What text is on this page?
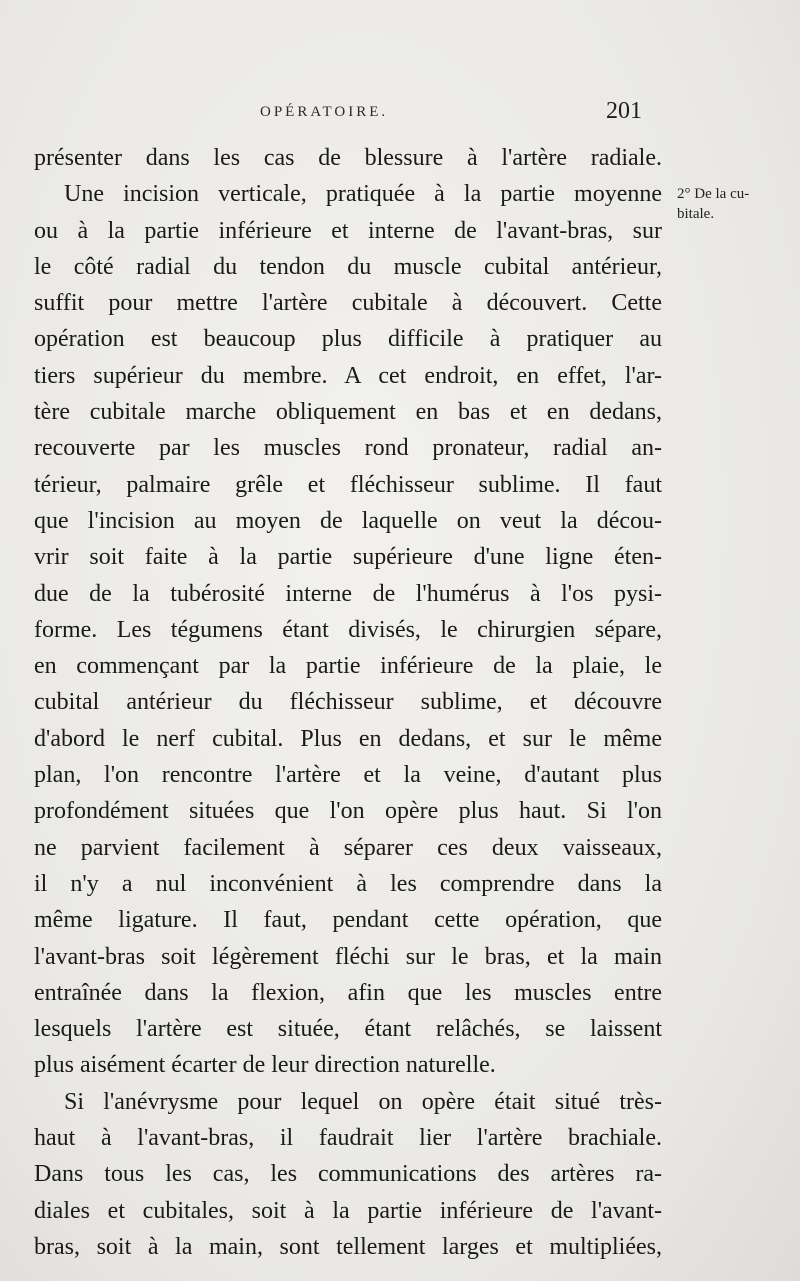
OPÉRATOIRE.	201
2° De la cu-
bitale.
présenter dans les cas de blessure à l'artère radiale.
Une incision verticale, pratiquée à la partie moyenne
ou à la partie inférieure et interne de l'avant-bras, sur
le côté radial du tendon du muscle cubital antérieur,
suffit pour mettre l'artère cubitale à découvert. Cette
opération est beaucoup plus difficile à pratiquer au
tiers supérieur du membre. A cet endroit, en effet, l'ar-
tère cubitale marche obliquement en bas et en dedans,
recouverte par les muscles rond pronateur, radial an-
térieur, palmaire grêle et fléchisseur sublime. Il faut
que l'incision au moyen de laquelle on veut la décou-
vrir soit faite à la partie supérieure d'une ligne éten-
due de la tubérosité interne de l'humérus à l'os pysi-
forme. Les tégumens étant divisés, le chirurgien sépare,
en commençant par la partie inférieure de la plaie, le
cubital antérieur du fléchisseur sublime, et découvre
d'abord le nerf cubital. Plus en dedans, et sur le même
plan, l'on rencontre l'artère et la veine, d'autant plus
profondément situées que l'on opère plus haut. Si l'on
ne parvient facilement à séparer ces deux vaisseaux,
il n'y a nul inconvénient à les comprendre dans la
même ligature. Il faut, pendant cette opération, que
l'avant-bras soit légèrement fléchi sur le bras, et la main
entraînée dans la flexion, afin que les muscles entre
lesquels l'artère est située, étant relâchés, se laissent
plus aisément écarter de leur direction naturelle.
Si l'anévrysme pour lequel on opère était situé très-
haut à l'avant-bras, il faudrait lier l'artère brachiale.
Dans tous les cas, les communications des artères ra-
diales et cubitales, soit à la partie inférieure de l'avant-
bras, soit à la main, sont tellement larges et multipliées,
